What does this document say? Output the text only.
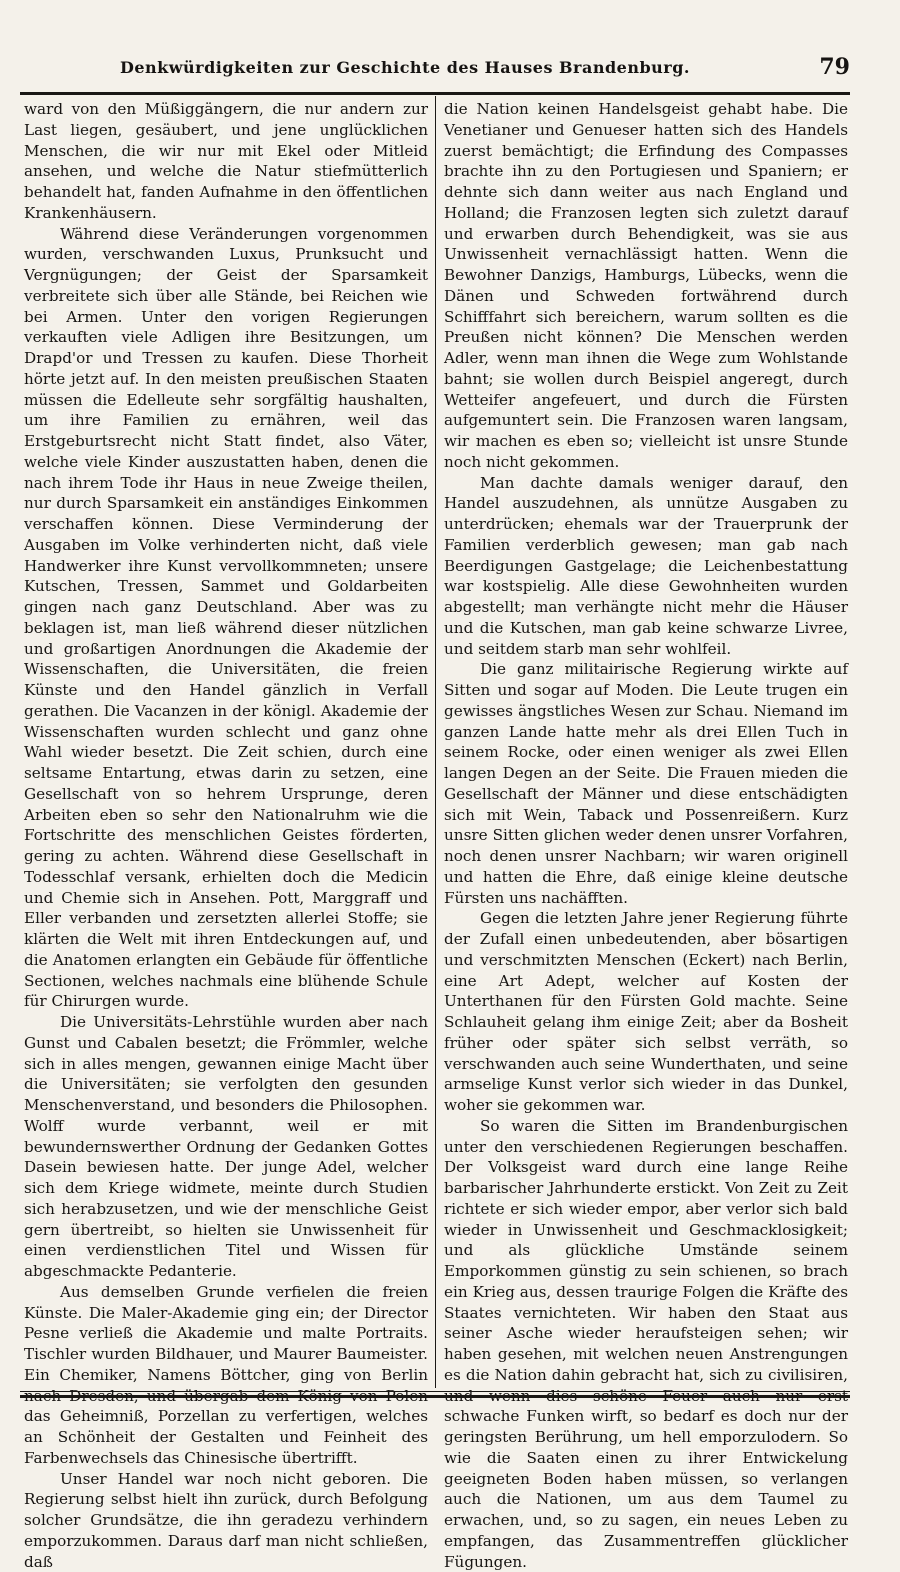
Denkwürdigkeiten zur Geschichte des Hauses Brandenburg.	79

ward von den Müßiggängern, die nur andern zur Last liegen, gesäubert, und jene unglücklichen Menschen, die wir nur mit Ekel oder Mitleid ansehen, und welche die Natur stiefmütterlich behandelt hat, fanden Aufnahme in den öffentlichen Krankenhäusern.

Während diese Veränderungen vorgenommen wurden, verschwanden Luxus, Prunksucht und Vergnügungen; der Geist der Sparsamkeit verbreitete sich über alle Stände, bei Reichen wie bei Armen. Unter den vorigen Regierungen verkauften viele Adligen ihre Besitzungen, um Drapd'or und Tressen zu kaufen. Diese Thorheit hörte jetzt auf. In den meisten preußischen Staaten müssen die Edelleute sehr sorgfältig haushalten, um ihre Familien zu ernähren, weil das Erstgeburtsrecht nicht Statt findet, also Väter, welche viele Kinder auszustatten haben, denen die nach ihrem Tode ihr Haus in neue Zweige theilen, nur durch Sparsamkeit ein anständiges Einkommen verschaffen können. Diese Verminderung der Ausgaben im Volke verhinderten nicht, daß viele Handwerker ihre Kunst vervollkommneten; unsere Kutschen, Tressen, Sammet und Goldarbeiten gingen nach ganz Deutschland. Aber was zu beklagen ist, man ließ während dieser nützlichen und großartigen Anordnungen die Akademie der Wissenschaften, die Universitäten, die freien Künste und den Handel gänzlich in Verfall gerathen. Die Vacanzen in der königl. Akademie der Wissenschaften wurden schlecht und ganz ohne Wahl wieder besetzt. Die Zeit schien, durch eine seltsame Entartung, etwas darin zu setzen, eine Gesellschaft von so hehrem Ursprunge, deren Arbeiten eben so sehr den Nationalruhm wie die Fortschritte des menschlichen Geistes förderten, gering zu achten. Während diese Gesellschaft in Todesschlaf versank, erhielten doch die Medicin und Chemie sich in Ansehen. Pott, Marggraff und Eller verbanden und zersetzten allerlei Stoffe; sie klärten die Welt mit ihren Entdeckungen auf, und die Anatomen erlangten ein Gebäude für öffentliche Sectionen, welches nachmals eine blühende Schule für Chirurgen wurde.

Die Universitäts-Lehrstühle wurden aber nach Gunst und Cabalen besetzt; die Frömmler, welche sich in alles mengen, gewannen einige Macht über die Universitäten; sie verfolgten den gesunden Menschenverstand, und besonders die Philosophen. Wolff wurde verbannt, weil er mit bewundernswerther Ordnung der Gedanken Gottes Dasein bewiesen hatte. Der junge Adel, welcher sich dem Kriege widmete, meinte durch Studien sich herabzusetzen, und wie der menschliche Geist gern übertreibt, so hielten sie Unwissenheit für einen verdienstlichen Titel und Wissen für abgeschmackte Pedanterie.

Aus demselben Grunde verfielen die freien Künste. Die Maler-Akademie ging ein; der Director Pesne verließ die Akademie und malte Portraits. Tischler wurden Bildhauer, und Maurer Baumeister. Ein Chemiker, Namens Böttcher, ging von Berlin nach Dresden, und übergab dem König von Polen das Geheimniß, Porzellan zu verfertigen, welches an Schönheit der Gestalten und Feinheit des Farbenwechsels das Chinesische übertrifft.

Unser Handel war noch nicht geboren. Die Regierung selbst hielt ihn zurück, durch Befolgung solcher Grundsätze, die ihn geradezu verhindern emporzukommen. Daraus darf man nicht schließen, daß

die Nation keinen Handelsgeist gehabt habe. Die Venetianer und Genueser hatten sich des Handels zuerst bemächtigt; die Erfindung des Compasses brachte ihn zu den Portugiesen und Spaniern; er dehnte sich dann weiter aus nach England und Holland; die Franzosen legten sich zuletzt darauf und erwarben durch Behendigkeit, was sie aus Unwissenheit vernachlässigt hatten. Wenn die Bewohner Danzigs, Hamburgs, Lübecks, wenn die Dänen und Schweden fortwährend durch Schifffahrt sich bereichern, warum sollten es die Preußen nicht können? Die Menschen werden Adler, wenn man ihnen die Wege zum Wohlstande bahnt; sie wollen durch Beispiel angeregt, durch Wetteifer angefeuert, und durch die Fürsten aufgemuntert sein. Die Franzosen waren langsam, wir machen es eben so; vielleicht ist unsre Stunde noch nicht gekommen.

Man dachte damals weniger darauf, den Handel auszudehnen, als unnütze Ausgaben zu unterdrücken; ehemals war der Trauerprunk der Familien verderblich gewesen; man gab nach Beerdigungen Gastgelage; die Leichenbestattung war kostspielig. Alle diese Gewohnheiten wurden abgestellt; man verhängte nicht mehr die Häuser und die Kutschen, man gab keine schwarze Livree, und seitdem starb man sehr wohlfeil.

Die ganz militairische Regierung wirkte auf Sitten und sogar auf Moden. Die Leute trugen ein gewisses ängstliches Wesen zur Schau. Niemand im ganzen Lande hatte mehr als drei Ellen Tuch in seinem Rocke, oder einen weniger als zwei Ellen langen Degen an der Seite. Die Frauen mieden die Gesellschaft der Männer und diese entschädigten sich mit Wein, Taback und Possenreißern. Kurz unsre Sitten glichen weder denen unsrer Vorfahren, noch denen unsrer Nachbarn; wir waren originell und hatten die Ehre, daß einige kleine deutsche Fürsten uns nachäfften.

Gegen die letzten Jahre jener Regierung führte der Zufall einen unbedeutenden, aber bösartigen und verschmitzten Menschen (Eckert) nach Berlin, eine Art Adept, welcher auf Kosten der Unterthanen für den Fürsten Gold machte. Seine Schlauheit gelang ihm einige Zeit; aber da Bosheit früher oder später sich selbst verräth, so verschwanden auch seine Wunderthaten, und seine armselige Kunst verlor sich wieder in das Dunkel, woher sie gekommen war.

So waren die Sitten im Brandenburgischen unter den verschiedenen Regierungen beschaffen. Der Volksgeist ward durch eine lange Reihe barbarischer Jahrhunderte erstickt. Von Zeit zu Zeit richtete er sich wieder empor, aber verlor sich bald wieder in Unwissenheit und Geschmacklosigkeit; und als glückliche Umstände seinem Emporkommen günstig zu sein schienen, so brach ein Krieg aus, dessen traurige Folgen die Kräfte des Staates vernichteten. Wir haben den Staat aus seiner Asche wieder heraufsteigen sehen; wir haben gesehen, mit welchen neuen Anstrengungen es die Nation dahin gebracht hat, sich zu civilisiren, und wenn dies schöne Feuer auch nur erst schwache Funken wirft, so bedarf es doch nur der geringsten Berührung, um hell emporzulodern. So wie die Saaten einen zu ihrer Entwickelung geeigneten Boden haben müssen, so verlangen auch die Nationen, um aus dem Taumel zu erwachen, und, so zu sagen, ein neues Leben zu empfangen, das Zusammentreffen glücklicher Fügungen.
